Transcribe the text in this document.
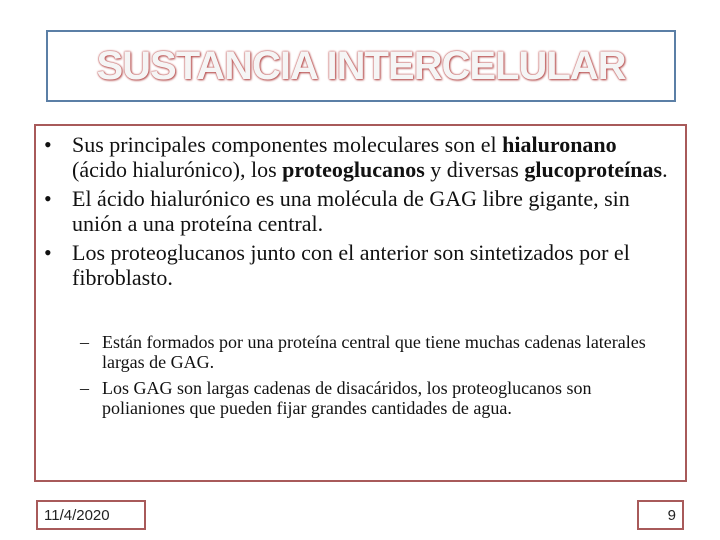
SUSTANCIA INTERCELULAR
• Sus principales componentes moleculares son el hialuronano (ácido hialurónico), los proteoglucanos y diversas glucoproteínas.
• El ácido hialurónico es una molécula de GAG libre gigante, sin unión a una proteína central.
• Los proteoglucanos junto con el anterior son sintetizados por el fibroblasto.
– Están formados por una proteína central que tiene muchas cadenas laterales largas de GAG.
– Los GAG son largas cadenas de disacáridos, los proteoglucanos son polianiones que pueden fijar grandes cantidades de agua.
11/4/2020	9
